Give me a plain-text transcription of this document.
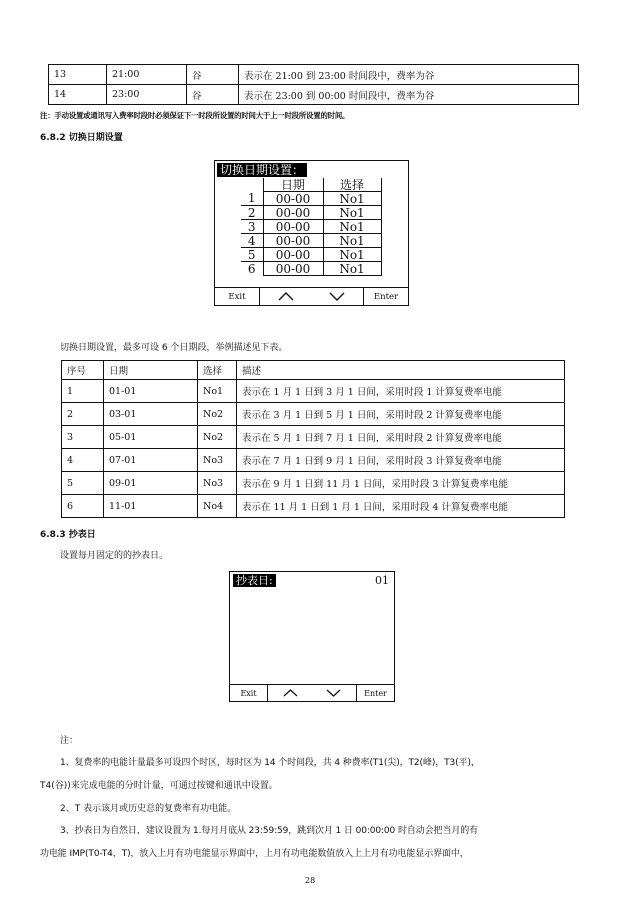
13	21:00	谷	表示在 21:00 到 23:00 时间段中，费率为谷
14	23:00	谷	表示在 23:00 到 00:00 时间段中，费率为谷
注：手动设置或通讯写入费率时段时必须保证下一时段所设置的时间大于上一时段所设置的时间。
6.8.2 切换日期设置
切换日期设置：
	日期	选择
1	00-00	No1
2	00-00	No1
3	00-00	No1
4	00-00	No1
5	00-00	No1
6	00-00	No1
Exit	Enter
切换日期设置，最多可设 6 个日期段，举例描述见下表。
序号	日期	选择	描述
1	01-01	No1	表示在 1 月 1 日到 3 月 1 日间，采用时段 1 计算复费率电能
2	03-01	No2	表示在 3 月 1 日到 5 月 1 日间，采用时段 2 计算复费率电能
3	05-01	No2	表示在 5 月 1 日到 7 月 1 日间，采用时段 2 计算复费率电能
4	07-01	No3	表示在 7 月 1 日到 9 月 1 日间，采用时段 3 计算复费率电能
5	09-01	No3	表示在 9 月 1 日到 11 月 1 日间，采用时段 3 计算复费率电能
6	11-01	No4	表示在 11 月 1 日到 1 月 1 日间，采用时段 4 计算复费率电能
6.8.3 抄表日
设置每月固定的的抄表日。
抄表日:	01
Exit	Enter
注：
1、复费率的电能计量最多可设四个时区，每时区为 14 个时间段，共 4 种费率(T1(尖)，T2(峰)，T3(平)，
T4(谷))来完成电能的分时计量，可通过按键和通讯中设置。
2、T 表示该月或历史总的复费率有功电能。
3、抄表日为自然日，建议设置为 1.每月月底从 23:59:59，跳到次月 1 日 00:00:00 时自动会把当月的有
功电能 IMP(T0-T4，T)，放入上月有功电能显示界面中，上月有功电能数值放入上上月有功电能显示界面中，
28
